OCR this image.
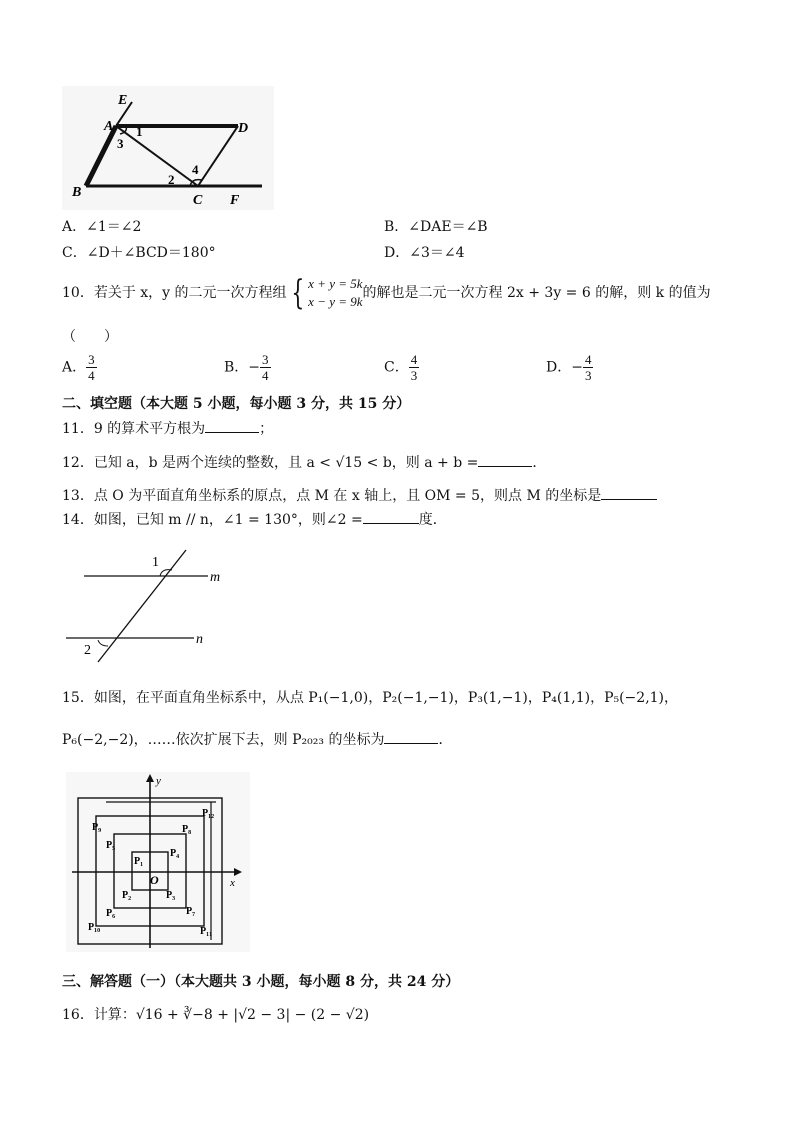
E
A	D
B
C F
1
2
3
4
A．∠1＝∠2	B．∠DAE＝∠B
C．∠D＋∠BCD＝180°	D．∠3＝∠4
10．若关于 x，y 的二元一次方程组 { x + y = 5k
x − y = 9k
的解也是二元一次方程 2x + 3y = 6 的解，则 k 的值为
（　　）
A． $\frac{3}{4}$	B．− $\frac{3}{4}$	C． $\frac{4}{3}$	D．− $\frac{4}{3}$
二、填空题（本大题 5 小题，每小题 3 分，共 15 分）
11．9 的算术平方根为	；
12．已知 a，b 是两个连续的整数，且 a < √15 < b，则 a + b =	．
13．点 O 为平面直角坐标系的原点，点 M 在 x 轴上，且 OM = 5，则点 M 的坐标是
14．如图，已知 m // n，∠1 = 130°，则∠2 =	度．
1
2
m
n
15．如图，在平面直角坐标系中，从点 P₁(−1,0)，P₂(−1,−1)，P₃(1,−1)，P₄(1,1)，P₅(−2,1)，
P₆(−2,−2)，……依次扩展下去，则 P₂₀₂₃ 的坐标为	．
y
x
O
P₁
P₂	P₃
P₄
P₅
P₆	P₇
P₈
P₉
P₁₀	P₁₁
P₁₂
三、解答题（一）（本大题共 3 小题，每小题 8 分，共 24 分）
16．计算：√16 + ∛−8 + |√2 − 3| − (2 − √2)
